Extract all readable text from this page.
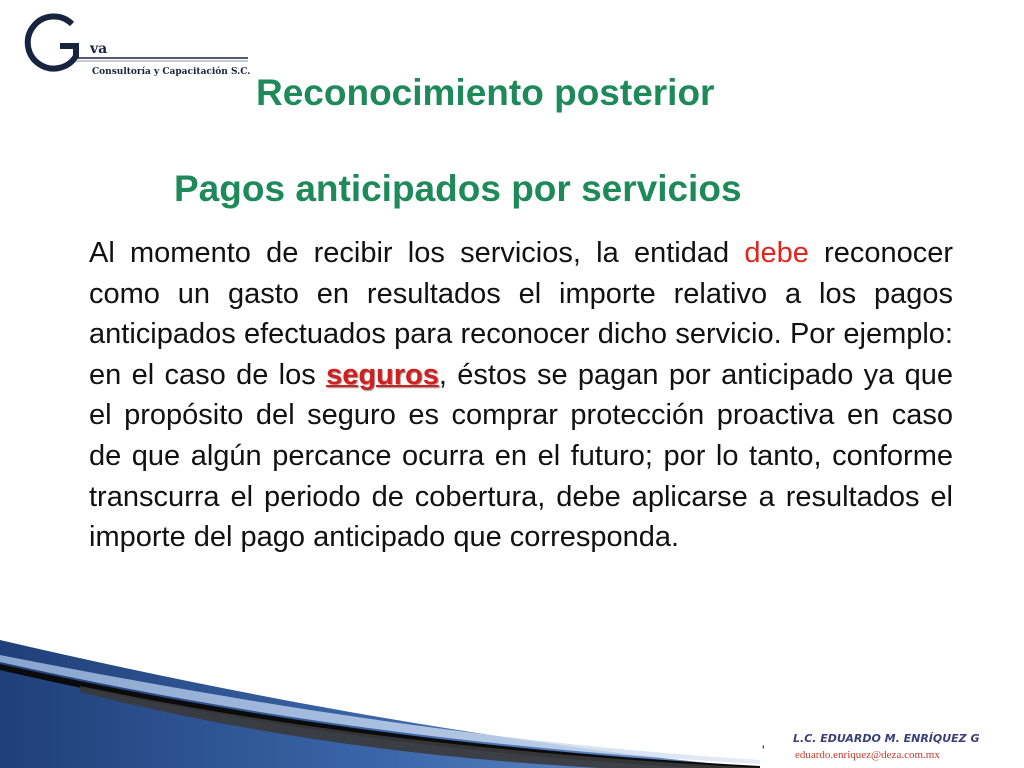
va
Consultoría y Capacitación S.C. Reconocimiento posterior
Pagos anticipados por servicios
Al momento de recibir los servicios, la entidad debe reconocer como un gasto en resultados el importe relativo a los pagos anticipados efectuados para reconocer dicho servicio. Por ejemplo: en el caso de los seguros, éstos se pagan por anticipado ya que el propósito del seguro es comprar protección proactiva en caso de que algún percance ocurra en el futuro; por lo tanto, conforme transcurra el periodo de cobertura, debe aplicarse a resultados el importe del pago anticipado que corresponda.
'
L.C. EDUARDO M. ENRÍQUEZ G
eduardo.enriquez@deza.com.mx
